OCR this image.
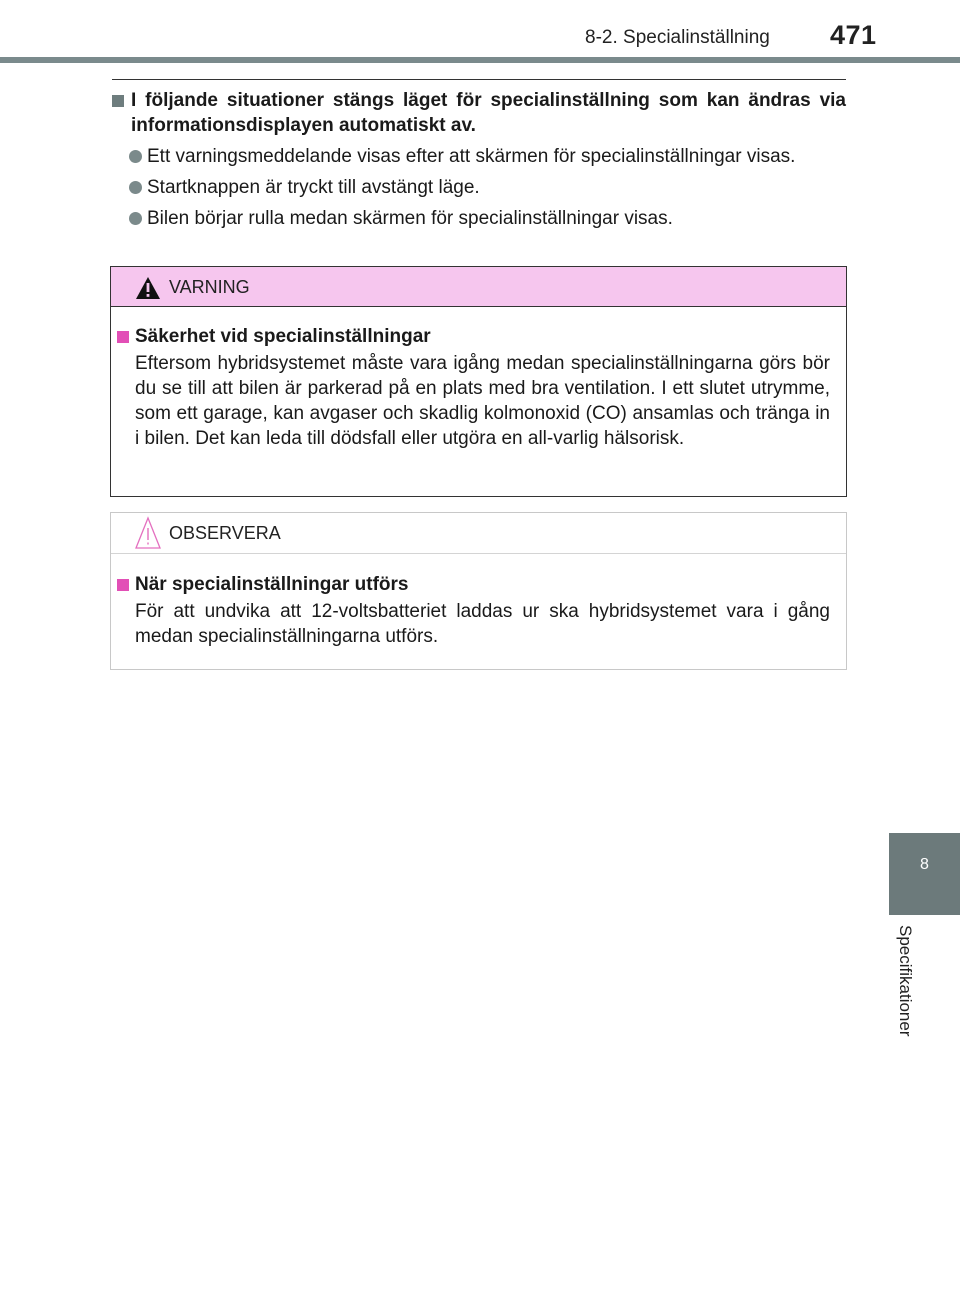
8-2. Specialinställning 471
8
Specifikationer
I följande situationer stängs läget för specialinställning som kan ändras via informationsdisplayen automatiskt av.
Ett varningsmeddelande visas efter att skärmen för specialinställningar visas.
Startknappen är tryckt till avstängt läge.
Bilen börjar rulla medan skärmen för specialinställningar visas.
VARNING
Säkerhet vid specialinställningar
Eftersom hybridsystemet måste vara igång medan specialinställningarna görs bör du se till att bilen är parkerad på en plats med bra ventilation. I ett slutet utrymme, som ett garage, kan avgaser och skadlig kolmonoxid (CO) ansamlas och tränga in i bilen. Det kan leda till dödsfall eller utgöra en all-varlig hälsorisk.
OBSERVERA
När specialinställningar utförs
För att undvika att 12-voltsbatteriet laddas ur ska hybridsystemet vara i gång medan specialinställningarna utförs.
